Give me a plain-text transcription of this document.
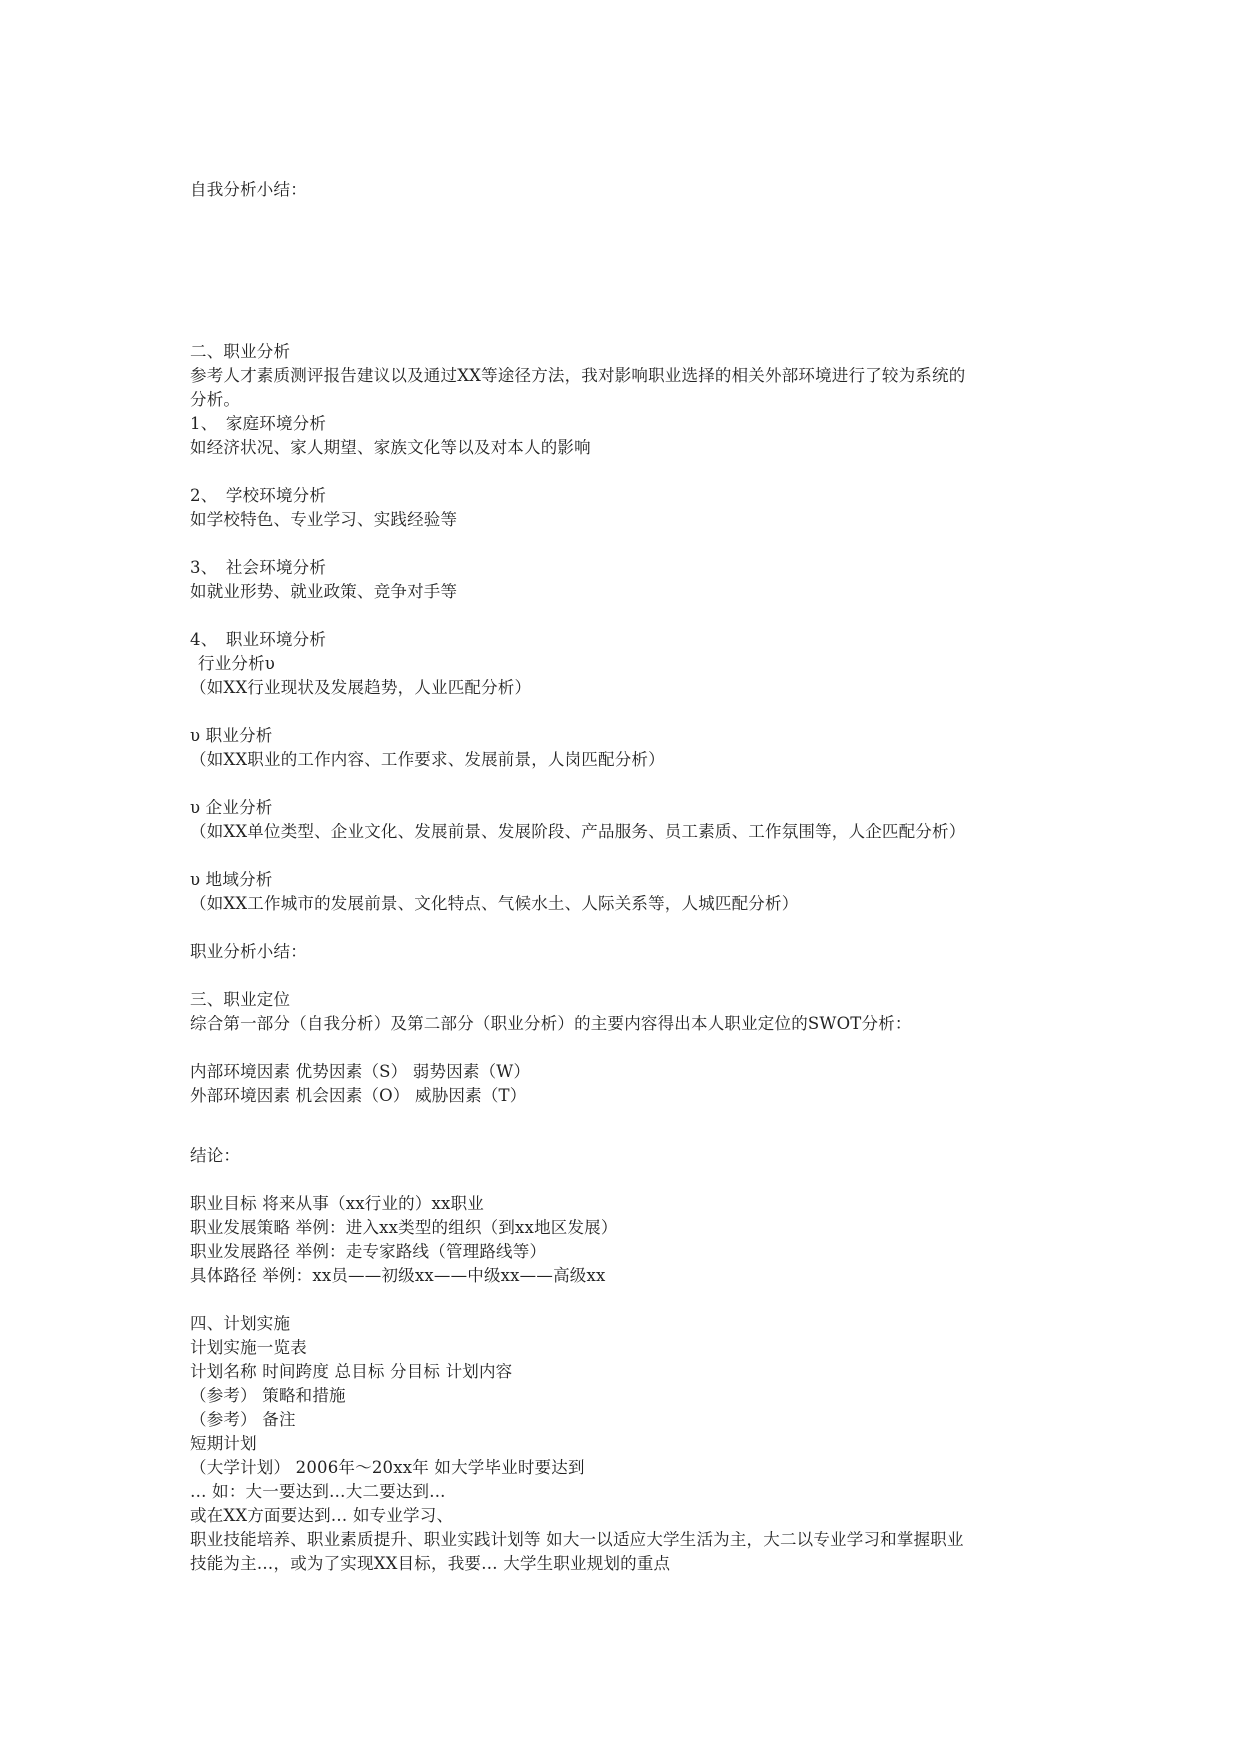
自我分析小结：
二、职业分析
参考人才素质测评报告建议以及通过XX等途径方法，我对影响职业选择的相关外部环境进行了较为系统的
分析。
1、　家庭环境分析
如经济状况、家人期望、家族文化等以及对本人的影响
2、　学校环境分析
如学校特色、专业学习、实践经验等
3、　社会环境分析
如就业形势、就业政策、竞争对手等
4、　职业环境分析
行业分析υ
（如XX行业现状及发展趋势，人业匹配分析）
υ 职业分析
（如XX职业的工作内容、工作要求、发展前景，人岗匹配分析）
υ 企业分析
（如XX单位类型、企业文化、发展前景、发展阶段、产品服务、员工素质、工作氛围等，人企匹配分析）
υ 地域分析
（如XX工作城市的发展前景、文化特点、气候水土、人际关系等，人城匹配分析）
职业分析小结：
三、职业定位
综合第一部分（自我分析）及第二部分（职业分析）的主要内容得出本人职业定位的SWOT分析：
内部环境因素 优势因素（S） 弱势因素（W）
外部环境因素 机会因素（O） 威胁因素（T）
结论：
职业目标 将来从事（xx行业的）xx职业
职业发展策略 举例：进入xx类型的组织（到xx地区发展）
职业发展路径 举例：走专家路线（管理路线等）
具体路径 举例：xx员——初级xx——中级xx——高级xx
四、计划实施
计划实施一览表
计划名称 时间跨度 总目标 分目标 计划内容
（参考） 策略和措施
（参考） 备注
短期计划
（大学计划） 2006年～20xx年 如大学毕业时要达到
… 如：大一要达到…大二要达到...
或在XX方面要达到… 如专业学习、
职业技能培养、职业素质提升、职业实践计划等 如大一以适应大学生活为主，大二以专业学习和掌握职业
技能为主…，或为了实现XX目标，我要… 大学生职业规划的重点
